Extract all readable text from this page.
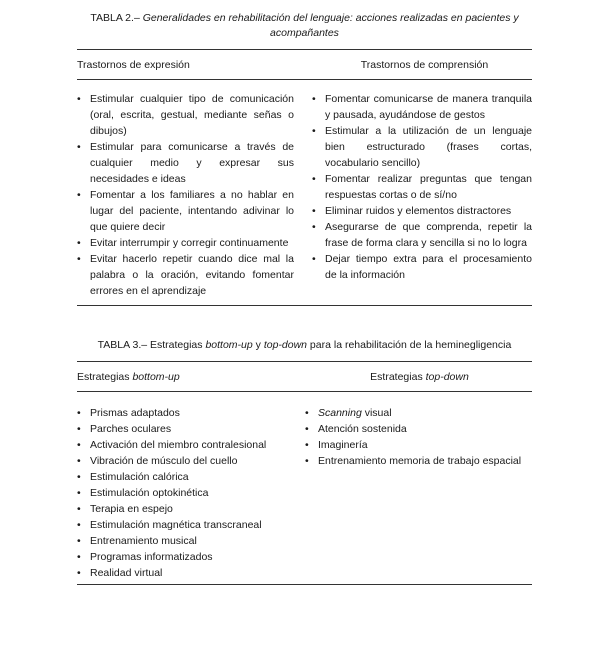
TABLA 2.– Generalidades en rehabilitación del lenguaje: acciones realizadas en pacientes y acompañantes

Trastornos de expresión	Trastornos de comprensión
• Estimular cualquier tipo de comunicación (oral, escrita, gestual, mediante señas o dibujos)
• Estimular para comunicarse a través de cualquier medio y expresar sus necesidades e ideas
• Fomentar a los familiares a no hablar en lugar del paciente, intentando adivinar lo que quiere decir
• Evitar interrumpir y corregir continuamente
• Evitar hacerlo repetir cuando dice mal la palabra o la oración, evitando fomentar errores en el aprendizaje
• Fomentar comunicarse de manera tranquila y pausada, ayudándose de gestos
• Estimular a la utilización de un lenguaje bien estructurado (frases cortas, vocabulario sencillo)
• Fomentar realizar preguntas que tengan respuestas cortas o de sí/no
• Eliminar ruidos y elementos distractores
• Asegurarse de que comprenda, repetir la frase de forma clara y sencilla si no lo logra
• Dejar tiempo extra para el procesamiento de la información

TABLA 3.– Estrategias bottom-up y top-down para la rehabilitación de la heminegligencia

Estrategias bottom-up	Estrategias top-down
• Prismas adaptados
• Parches oculares
• Activación del miembro contralesional
• Vibración de músculo del cuello
• Estimulación calórica
• Estimulación optokinética
• Terapia en espejo
• Estimulación magnética transcraneal
• Entrenamiento musical
• Programas informatizados
• Realidad virtual
• Scanning visual
• Atención sostenida
• Imaginería
• Entrenamiento memoria de trabajo espacial
